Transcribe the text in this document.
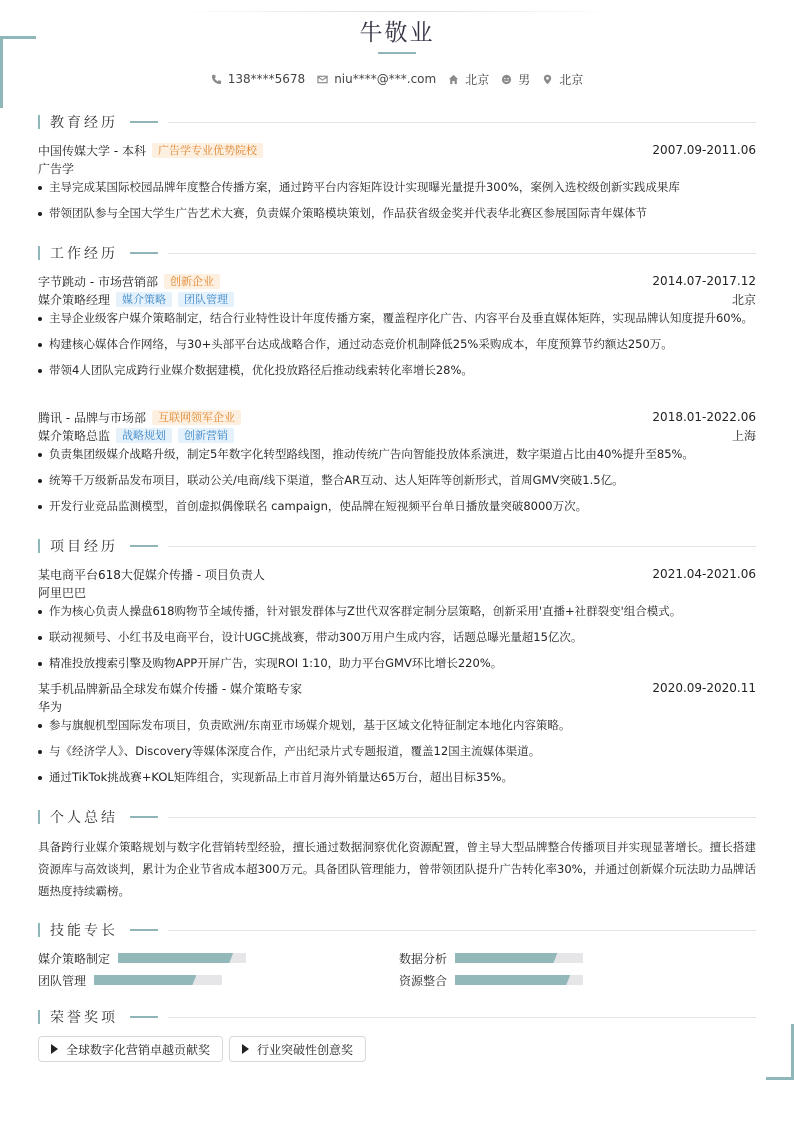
牛敬业
138****5678 niu****@***.com 北京 男 北京
教育经历
中国传媒大学 - 本科	广告学专业优势院校	2007.09-2011.06
广告学
主导完成某国际校园品牌年度整合传播方案，通过跨平台内容矩阵设计实现曝光量提升300%，案例入选校级创新实践成果库
带领团队参与全国大学生广告艺术大赛，负责媒介策略模块策划，作品获省级金奖并代表华北赛区参展国际青年媒体节
工作经历
字节跳动 - 市场营销部	创新企业	2014.07-2017.12
媒介策略经理	媒介策略	团队管理	北京
主导企业级客户媒介策略制定，结合行业特性设计年度传播方案，覆盖程序化广告、内容平台及垂直媒体矩阵，实现品牌认知度提升60%。
构建核心媒体合作网络，与30+头部平台达成战略合作，通过动态竞价机制降低25%采购成本，年度预算节约额达250万。
带领4人团队完成跨行业媒介数据建模，优化投放路径后推动线索转化率增长28%。
腾讯 - 品牌与市场部	互联网领军企业	2018.01-2022.06
媒介策略总监	战略规划	创新营销	上海
负责集团级媒介战略升级，制定5年数字化转型路线图，推动传统广告向智能投放体系演进，数字渠道占比由40%提升至85%。
统筹千万级新品发布项目，联动公关/电商/线下渠道，整合AR互动、达人矩阵等创新形式，首周GMV突破1.5亿。
开发行业竞品监测模型，首创虚拟偶像联名 campaign，使品牌在短视频平台单日播放量突破8000万次。
项目经历
某电商平台618大促媒介传播 - 项目负责人	2021.04-2021.06
阿里巴巴
作为核心负责人操盘618购物节全域传播，针对银发群体与Z世代双客群定制分层策略，创新采用'直播+社群裂变'组合模式。
联动视频号、小红书及电商平台，设计UGC挑战赛，带动300万用户生成内容，话题总曝光量超15亿次。
精准投放搜索引擎及购物APP开屏广告，实现ROI 1:10，助力平台GMV环比增长220%。
某手机品牌新品全球发布媒介传播 - 媒介策略专家	2020.09-2020.11
华为
参与旗舰机型国际发布项目，负责欧洲/东南亚市场媒介规划，基于区域文化特征制定本地化内容策略。
与《经济学人》、Discovery等媒体深度合作，产出纪录片式专题报道，覆盖12国主流媒体渠道。
通过TikTok挑战赛+KOL矩阵组合，实现新品上市首月海外销量达65万台，超出目标35%。
个人总结
具备跨行业媒介策略规划与数字化营销转型经验，擅长通过数据洞察优化资源配置，曾主导大型品牌整合传播项目并实现显著增长。擅长搭建资源库与高效谈判，累计为企业节省成本超300万元。具备团队管理能力，曾带领团队提升广告转化率30%，并通过创新媒介玩法助力品牌话题热度持续霸榜。
技能专长
媒介策略制定	数据分析
团队管理	资源整合
荣誉奖项
全球数字化营销卓越贡献奖	行业突破性创意奖
